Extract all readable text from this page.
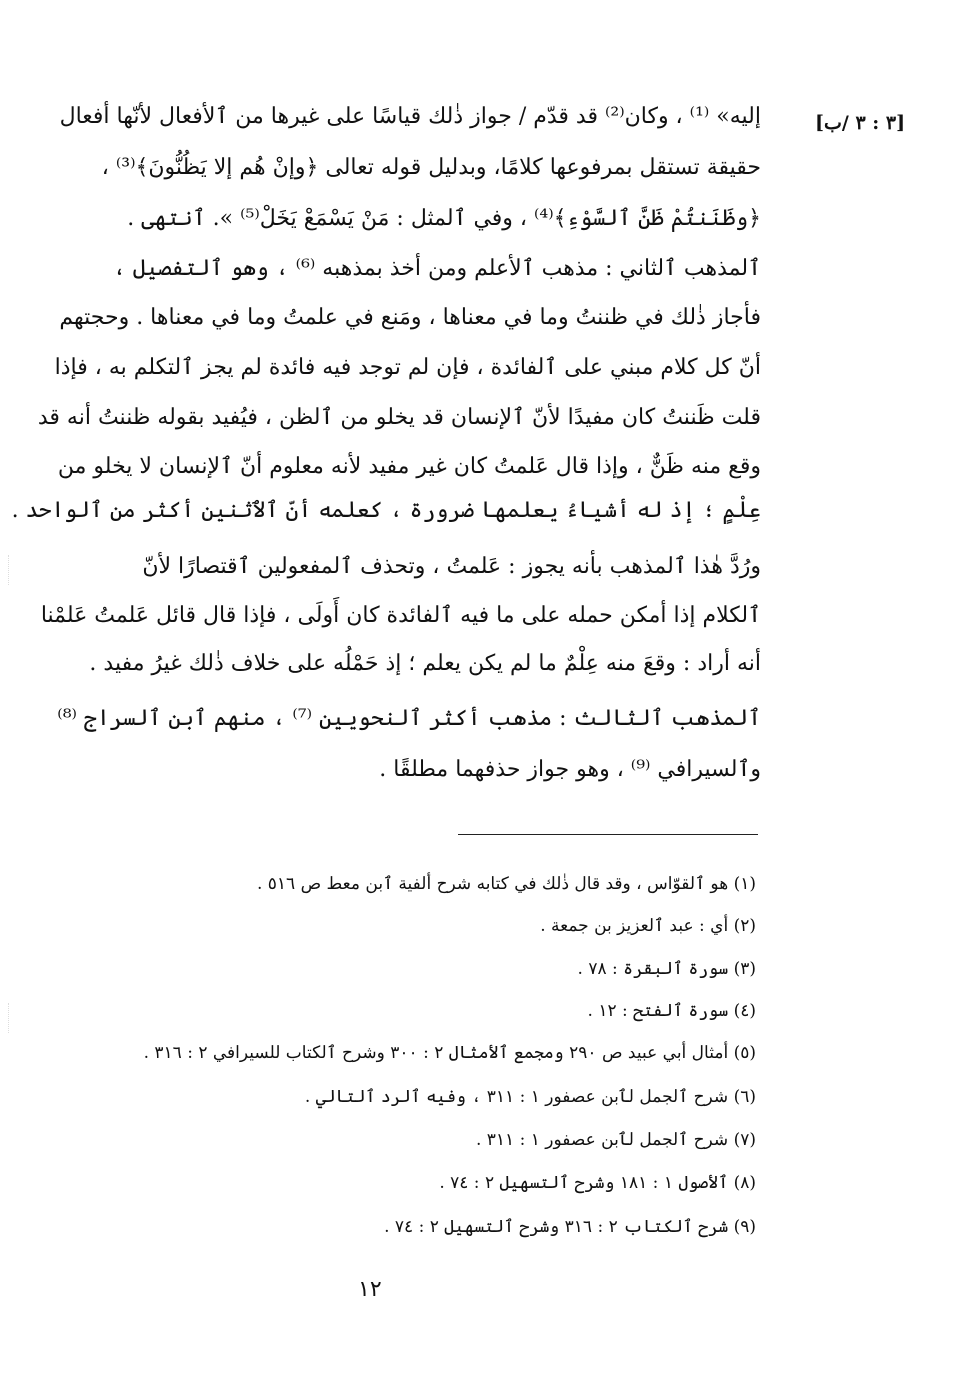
[٣ : ٣ /ب]
إليه» ⁽¹⁾ ، وكان⁽²⁾ قد قدّم / جواز ذٰلك قياسًا على غيرها من ٱلأفعال لأنّها أفعال
حقيقة تستقل بمرفوعها كلامًا، وبدليل قوله تعالى ﴿وإنْ هُم إلا يَظُنُّونَ﴾⁽³⁾ ،
﴿وظَنَنتُمْ ظَنَّ ٱلسَّوْءِ﴾⁽⁴⁾ ، وفي ٱلمثل : مَنْ يَسْمَعْ يَخَلْ⁽⁵⁾ ». ٱنتهى .
ٱلمذهب ٱلثاني : مذهب ٱلأعلم ومن أخذ بمذهبه ⁽⁶⁾ ، وهو ٱلتفصيل ،
فأجاز ذٰلك في ظننتُ وما في معناها ، ومَنع في علمتُ وما في معناها . وحجتهم
أنّ كل كلام مبني على ٱلفائدة ، فإن لم توجد فيه فائدة لم يجز ٱلتكلم به ، فإذا
قلت ظَننتُ كان مفيدًا لأنّ ٱلإنسان قد يخلو من ٱلظن ، فيُفيد بقوله ظننتُ أنه قد
وقع منه ظَنٌّ ، وإذا قال عَلمتُ كان غير مفيد لأنه معلوم أنّ ٱلإنسان لا يخلو من
عِلْمٍ ؛ إذ له أشياءُ يعلمها ضرورة ، كعلمه أنّ ٱلٱثنين أكثر من ٱلواحد .
ورُدَّ هٰذا ٱلمذهب بأنه يجوز : عَلمتُ ، وتحذف ٱلمفعولين ٱقتصارًا لأنّ
ٱلكلام إذا أمكن حمله على ما فيه ٱلفائدة كان أَولَى ، فإذا قال قائل عَلمتُ عَلمْنا
أنه أراد : وقعَ منه عِلْمٌ ما لم يكن يعلم ؛ إذ حَمْلُه على خلاف ذٰلك غيرُ مفيد .
ٱلمذهب ٱلثالث : مذهب أكثر ٱلنحويين ⁽⁷⁾ ، منهم ٱبن ٱلسراج ⁽⁸⁾
وٱلسيرافي ⁽⁹⁾ ، وهو جواز حذفهما مطلقًا .
(١) هو ٱلقوّاس ، وقد قال ذٰلك في كتابه شرح ألفية ٱبن معط ص ٥١٦ .
(٢) أي : عبد ٱلعزيز بن جمعة .
(٣) سورة ٱلبقرة : ٧٨ .
(٤) سورة ٱلفتح : ١٢ .
(٥) أمثال أبي عبيد ص ٢٩٠ ومجمع ٱلأمثال ٢ : ٣٠٠ وشرح ٱلكتاب للسيرافي ٢ : ٣١٦ .
(٦) شرح ٱلجمل لٱبن عصفور ١ : ٣١١ ، وفيه ٱلرد ٱلتالي .
(٧) شرح ٱلجمل لٱبن عصفور ١ : ٣١١ .
(٨) ٱلأصول ١ : ١٨١ وشرح ٱلتسهيل ٢ : ٧٤ .
(٩) شرح ٱلكتاب ٢ : ٣١٦ وشرح ٱلتسهيل ٢ : ٧٤ .
١٢
